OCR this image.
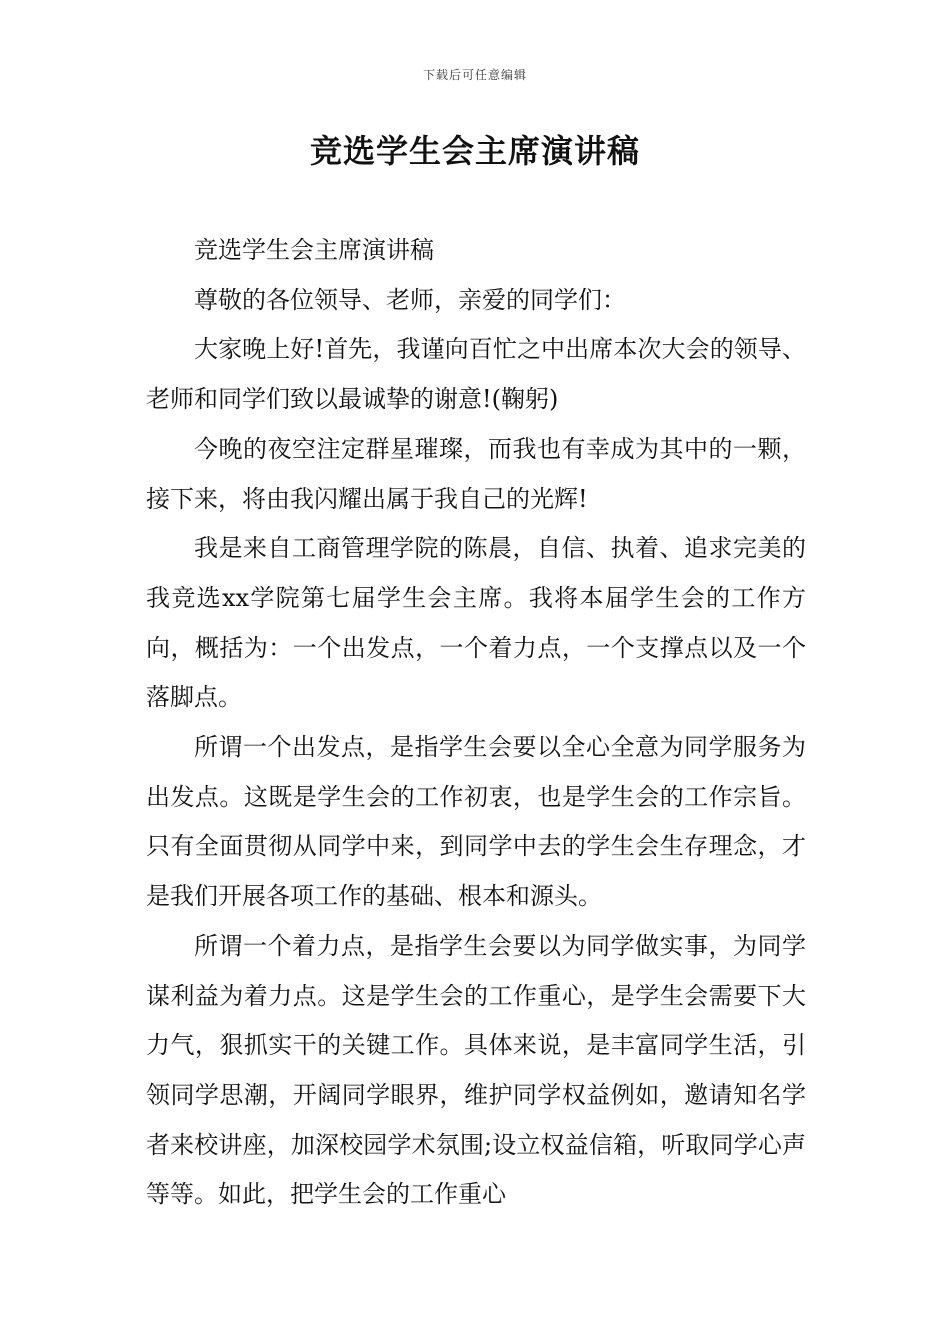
下载后可任意编辑
竞选学生会主席演讲稿

竞选学生会主席演讲稿

尊敬的各位领导、老师，亲爱的同学们：

大家晚上好!首先，我谨向百忙之中出席本次大会的领导、老师和同学们致以最诚挚的谢意!(鞠躬)

今晚的夜空注定群星璀璨，而我也有幸成为其中的一颗，接下来，将由我闪耀出属于我自己的光辉!

我是来自工商管理学院的陈晨，自信、执着、追求完美的我竞选xx学院第七届学生会主席。我将本届学生会的工作方向，概括为：一个出发点，一个着力点，一个支撑点以及一个落脚点。

所谓一个出发点，是指学生会要以全心全意为同学服务为出发点。这既是学生会的工作初衷，也是学生会的工作宗旨。只有全面贯彻从同学中来，到同学中去的学生会生存理念，才是我们开展各项工作的基础、根本和源头。

所谓一个着力点，是指学生会要以为同学做实事，为同学谋利益为着力点。这是学生会的工作重心，是学生会需要下大力气，狠抓实干的关键工作。具体来说，是丰富同学生活，引领同学思潮，开阔同学眼界，维护同学权益例如，邀请知名学者来校讲座，加深校园学术氛围;设立权益信箱，听取同学心声等等。如此，把学生会的工作重心
